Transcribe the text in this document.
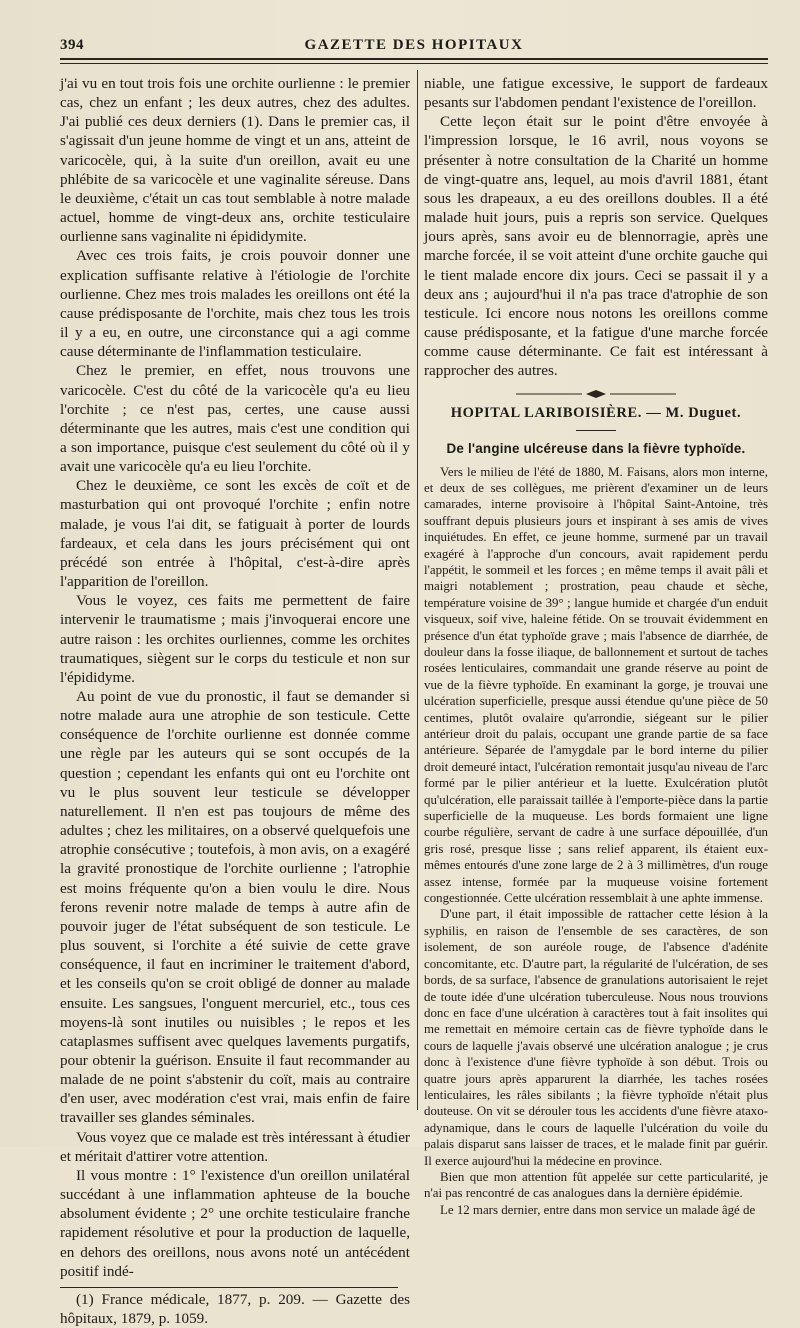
394	GAZETTE DES HOPITAUX

j'ai vu en tout trois fois une orchite ourlienne : le premier cas, chez un enfant ; les deux autres, chez des adultes. J'ai publié ces deux derniers (1). Dans le premier cas, il s'agissait d'un jeune homme de vingt et un ans, atteint de varicocèle, qui, à la suite d'un oreillon, avait eu une phlébite de sa varicocèle et une vaginalite séreuse. Dans le deuxième, c'était un cas tout semblable à notre malade actuel, homme de vingt-deux ans, orchite testiculaire ourlienne sans vaginalite ni épididymite.

Avec ces trois faits, je crois pouvoir donner une explication suffisante relative à l'étiologie de l'orchite ourlienne. Chez mes trois malades les oreillons ont été la cause prédisposante de l'orchite, mais chez tous les trois il y a eu, en outre, une circonstance qui a agi comme cause déterminante de l'inflammation testiculaire.

Chez le premier, en effet, nous trouvons une varicocèle. C'est du côté de la varicocèle qu'a eu lieu l'orchite ; ce n'est pas, certes, une cause aussi déterminante que les autres, mais c'est une condition qui a son importance, puisque c'est seulement du côté où il y avait une varicocèle qu'a eu lieu l'orchite.

Chez le deuxième, ce sont les excès de coït et de masturbation qui ont provoqué l'orchite ; enfin notre malade, je vous l'ai dit, se fatiguait à porter de lourds fardeaux, et cela dans les jours précisément qui ont précédé son entrée à l'hôpital, c'est-à-dire après l'apparition de l'oreillon.

Vous le voyez, ces faits me permettent de faire intervenir le traumatisme ; mais j'invoquerai encore une autre raison : les orchites ourliennes, comme les orchites traumatiques, siègent sur le corps du testicule et non sur l'épididyme.

Au point de vue du pronostic, il faut se demander si notre malade aura une atrophie de son testicule. Cette conséquence de l'orchite ourlienne est donnée comme une règle par les auteurs qui se sont occupés de la question ; cependant les enfants qui ont eu l'orchite ont vu le plus souvent leur testicule se développer naturellement. Il n'en est pas toujours de même des adultes ; chez les militaires, on a observé quelquefois une atrophie consécutive ; toutefois, à mon avis, on a exagéré la gravité pronostique de l'orchite ourlienne ; l'atrophie est moins fréquente qu'on a bien voulu le dire. Nous ferons revenir notre malade de temps à autre afin de pouvoir juger de l'état subséquent de son testicule. Le plus souvent, si l'orchite a été suivie de cette grave conséquence, il faut en incriminer le traitement d'abord, et les conseils qu'on se croit obligé de donner au malade ensuite. Les sangsues, l'onguent mercuriel, etc., tous ces moyens-là sont inutiles ou nuisibles ; le repos et les cataplasmes suffisent avec quelques lavements purgatifs, pour obtenir la guérison. Ensuite il faut recommander au malade de ne point s'abstenir du coït, mais au contraire d'en user, avec modération c'est vrai, mais enfin de faire travailler ses glandes séminales.

Vous voyez que ce malade est très intéressant à étudier et méritait d'attirer votre attention.

Il vous montre : 1° l'existence d'un oreillon unilatéral succédant à une inflammation aphteuse de la bouche absolument évidente ; 2° une orchite testiculaire franche rapidement résolutive et pour la production de laquelle, en dehors des oreillons, nous avons noté un antécédent positif indé-

(1) France médicale, 1877, p. 209. — Gazette des hôpitaux, 1879, p. 1059.

niable, une fatigue excessive, le support de fardeaux pesants sur l'abdomen pendant l'existence de l'oreillon.

Cette leçon était sur le point d'être envoyée à l'impression lorsque, le 16 avril, nous voyons se présenter à notre consultation de la Charité un homme de vingt-quatre ans, lequel, au mois d'avril 1881, étant sous les drapeaux, a eu des oreillons doubles. Il a été malade huit jours, puis a repris son service. Quelques jours après, sans avoir eu de blennorragie, après une marche forcée, il se voit atteint d'une orchite gauche qui le tient malade encore dix jours. Ceci se passait il y a deux ans ; aujourd'hui il n'a pas trace d'atrophie de son testicule. Ici encore nous notons les oreillons comme cause prédisposante, et la fatigue d'une marche forcée comme cause déterminante. Ce fait est intéressant à rapprocher des autres.

HOPITAL LARIBOISIÈRE. — M. Duguet.
De l'angine ulcéreuse dans la fièvre typhoïde.

Vers le milieu de l'été de 1880, M. Faisans, alors mon interne, et deux de ses collègues, me prièrent d'examiner un de leurs camarades, interne provisoire à l'hôpital Saint-Antoine, très souffrant depuis plusieurs jours et inspirant à ses amis de vives inquiétudes. En effet, ce jeune homme, surmené par un travail exagéré à l'approche d'un concours, avait rapidement perdu l'appétit, le sommeil et les forces ; en même temps il avait pâli et maigri notablement ; prostration, peau chaude et sèche, température voisine de 39° ; langue humide et chargée d'un enduit visqueux, soif vive, haleine fétide. On se trouvait évidemment en présence d'un état typhoïde grave ; mais l'absence de diarrhée, de douleur dans la fosse iliaque, de ballonnement et surtout de taches rosées lenticulaires, commandait une grande réserve au point de vue de la fièvre typhoïde. En examinant la gorge, je trouvai une ulcération superficielle, presque aussi étendue qu'une pièce de 50 centimes, plutôt ovalaire qu'arrondie, siégeant sur le pilier antérieur droit du palais, occupant une grande partie de sa face antérieure. Séparée de l'amygdale par le bord interne du pilier droit demeuré intact, l'ulcération remontait jusqu'au niveau de l'arc formé par le pilier antérieur et la luette. Exulcération plutôt qu'ulcération, elle paraissait taillée à l'emporte-pièce dans la partie superficielle de la muqueuse. Les bords formaient une ligne courbe régulière, servant de cadre à une surface dépouillée, d'un gris rosé, presque lisse ; sans relief apparent, ils étaient eux-mêmes entourés d'une zone large de 2 à 3 millimètres, d'un rouge assez intense, formée par la muqueuse voisine fortement congestionnée. Cette ulcération ressemblait à une aphte immense.

D'une part, il était impossible de rattacher cette lésion à la syphilis, en raison de l'ensemble de ses caractères, de son isolement, de son auréole rouge, de l'absence d'adénite concomitante, etc. D'autre part, la régularité de l'ulcération, de ses bords, de sa surface, l'absence de granulations autorisaient le rejet de toute idée d'une ulcération tuberculeuse. Nous nous trouvions donc en face d'une ulcération à caractères tout à fait insolites qui me remettait en mémoire certain cas de fièvre typhoïde dans le cours de laquelle j'avais observé une ulcération analogue ; je crus donc à l'existence d'une fièvre typhoïde à son début. Trois ou quatre jours après apparurent la diarrhée, les taches rosées lenticulaires, les râles sibilants ; la fièvre typhoïde n'était plus douteuse. On vit se dérouler tous les accidents d'une fièvre ataxo-adynamique, dans le cours de laquelle l'ulcération du voile du palais disparut sans laisser de traces, et le malade finit par guérir. Il exerce aujourd'hui la médecine en province.

Bien que mon attention fût appelée sur cette particularité, je n'ai pas rencontré de cas analogues dans la dernière épidémie.

Le 12 mars dernier, entre dans mon service un malade âgé de
